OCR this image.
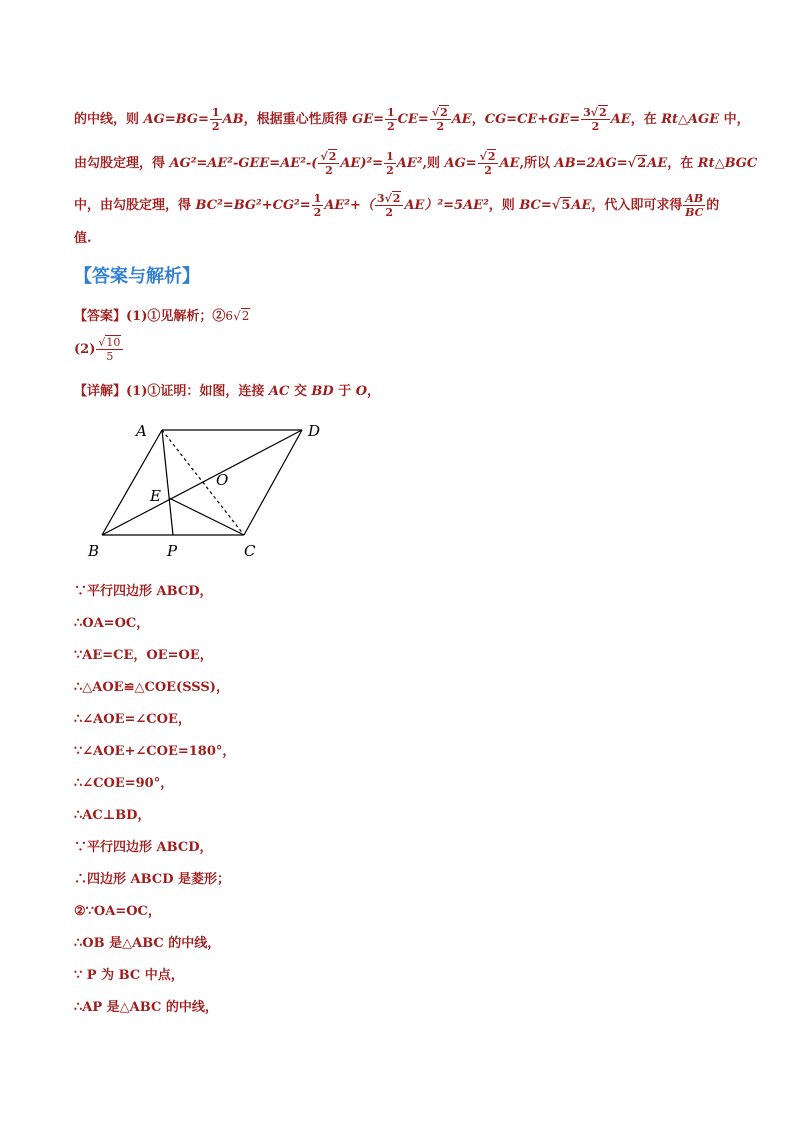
的中线，则 $AG=BG= \frac{1}{2}$ AB，根据重心性质得 $GE= \frac{1}{2} CE= \frac{√2}{2}$ AE，$CG=CE+GE= \frac{3√2}{2}$ AE，在 Rt△AGE 中，
由勾股定理，得 $AG^2=AE^2-GEE=AE^2-( \frac{√2}{2} AE)^2= \frac{1}{2} AE^2$,则 $AG= \frac{√2}{2}$ AE,所以 AB=2AG=√2AE，在 Rt△BGC
中，由勾股定理，得 $BC^2=BG^2+CG^2= \frac{1}{2} AE^2+( \frac{3√2}{2} AE)^2=5AE^2$，则 BC=√5AE，代入即可求得 $\frac{AB}{BC}$ 的
值.
【答案与解析】
【答案】(1)①见解析；②6√2
$(2) \frac{√10}{5}$
【详解】(1)①证明：如图，连接 AC 交 BD 于 O，
A	D
O
E
B	P	C
∵平行四边形 ABCD，
∴OA=OC，
∵AE=CE，OE=OE，
∴△AOE≌△COE(SSS)，
∴∠AOE=∠COE，
∵∠AOE+∠COE=180°，
∴∠COE=90°，
∴AC⊥BD，
∵平行四边形 ABCD，
∴四边形 ABCD 是菱形；
②∵OA=OC，
∴OB 是△ABC 的中线，
∵ P 为 BC 中点，
∴AP 是△ABC 的中线，
